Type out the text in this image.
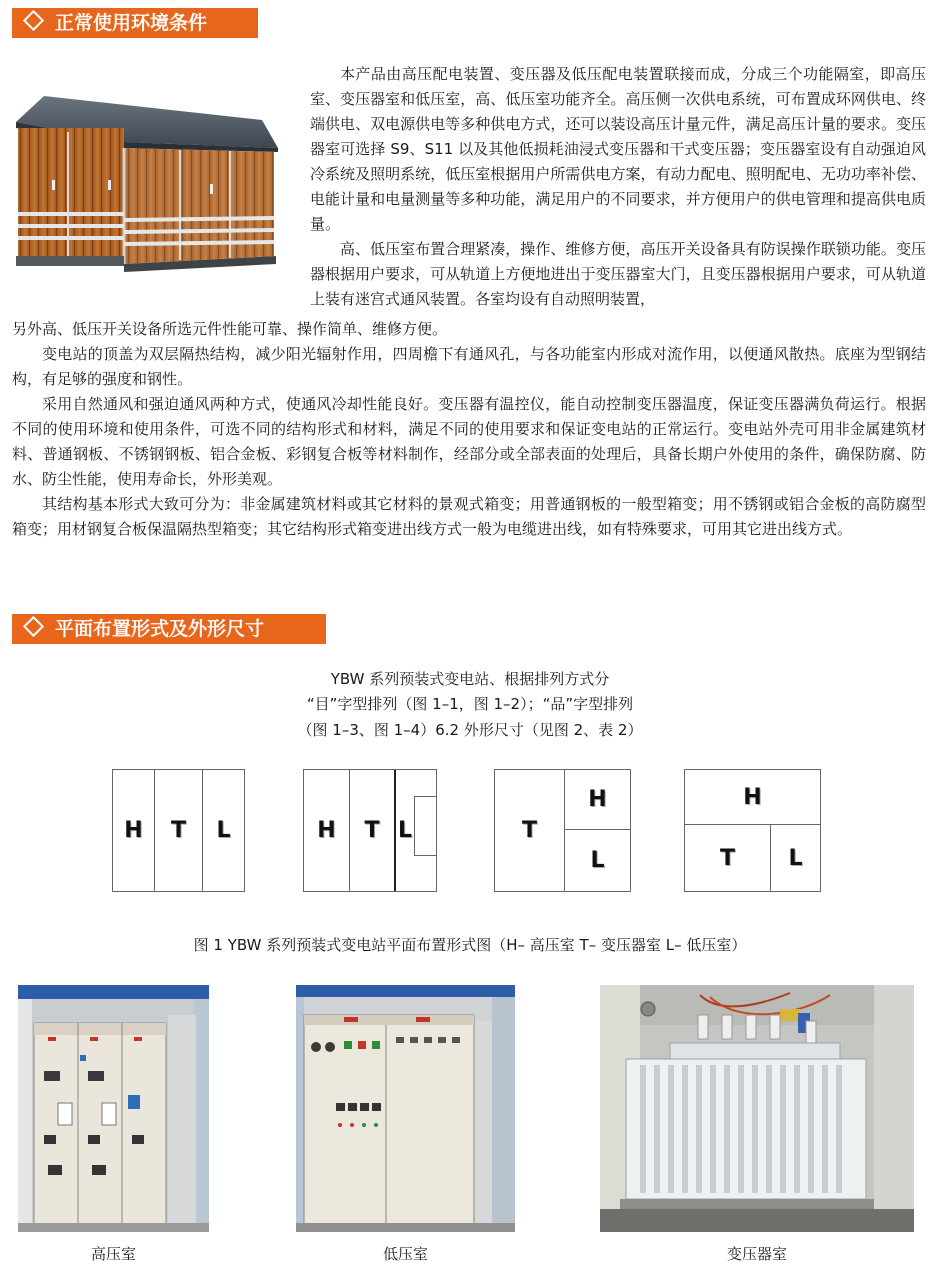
正常使用环境条件

本产品由高压配电装置、变压器及低压配电装置联接而成，分成三个功能隔室，即高压室、变压器室和低压室，高、低压室功能齐全。高压侧一次供电系统，可布置成环网供电、终端供电、双电源供电等多种供电方式，还可以装设高压计量元件，满足高压计量的要求。变压器室可选择 S9、S11 以及其他低损耗油浸式变压器和干式变压器；变压器室设有自动强迫风冷系统及照明系统，低压室根据用户所需供电方案，有动力配电、照明配电、无功功率补偿、电能计量和电量测量等多种功能，满足用户的不同要求，并方便用户的供电管理和提高供电质量。

高、低压室布置合理紧凑，操作、维修方便，高压开关设备具有防误操作联锁功能。变压器根据用户要求，可从轨道上方便地进出于变压器室大门，且变压器根据用户要求，可从轨道上装有迷宫式通风装置。各室均设有自动照明装置，

另外高、低压开关设备所选元件性能可靠、操作简单、维修方便。

变电站的顶盖为双层隔热结构，减少阳光辐射作用，四周檐下有通风孔，与各功能室内形成对流作用，以便通风散热。底座为型钢结构，有足够的强度和钢性。

采用自然通风和强迫通风两种方式，使通风冷却性能良好。变压器有温控仪，能自动控制变压器温度，保证变压器满负荷运行。根据不同的使用环境和使用条件，可选不同的结构形式和材料，满足不同的使用要求和保证变电站的正常运行。变电站外壳可用非金属建筑材料、普通钢板、不锈钢钢板、铝合金板、彩钢复合板等材料制作，经部分或全部表面的处理后，具备长期户外使用的条件，确保防腐、防水、防尘性能，使用寿命长，外形美观。

其结构基本形式大致可分为：非金属建筑材料或其它材料的景观式箱变；用普通钢板的一般型箱变；用不锈钢或铝合金板的高防腐型箱变；用材钢复合板保温隔热型箱变；其它结构形式箱变进出线方式一般为电缆进出线，如有特殊要求，可用其它进出线方式。

平面布置形式及外形尺寸
YBW 系列预装式变电站、根据排列方式分
“目”字型排列（图 1–1，图 1–2）；“品”字型排列
（图 1–3、图 1–4）6.2 外形尺寸（见图 2、表 2）
H	T	L	H	T L	T
H
L
H
T	L
图 1 YBW 系列预装式变电站平面布置形式图（H– 高压室 T– 变压器室 L– 低压室）
高压室	低压室	变压器室
